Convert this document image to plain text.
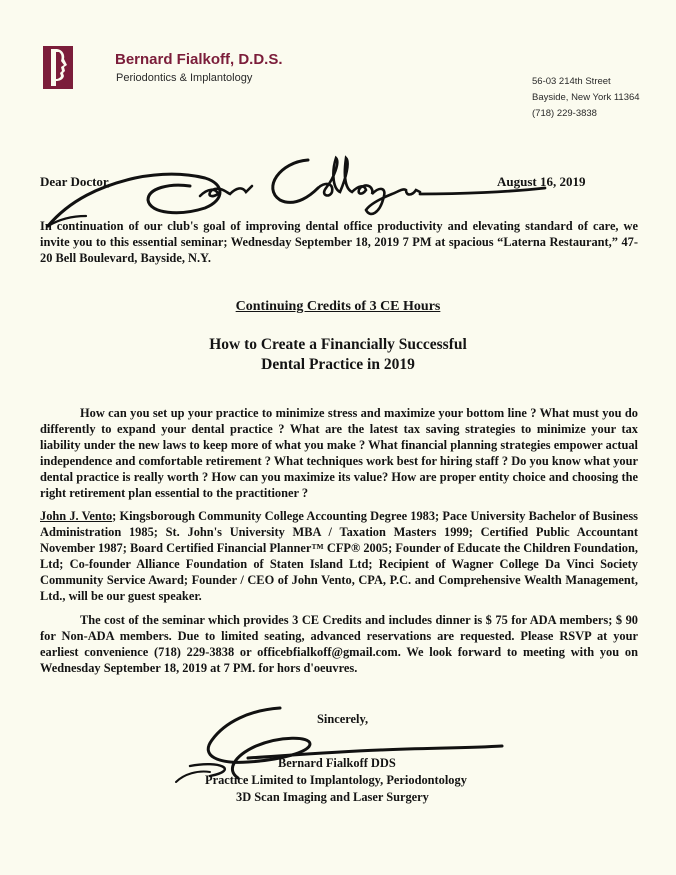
Bernard Fialkoff, D.D.S.
Periodontics & Implantology	56-03 214th Street
Bayside, New York 11364
(718) 229-3838
Dear Doctor,	August 16, 2019
In continuation of our club's goal of improving dental office productivity and elevating standard of care, we invite you to this essential seminar; Wednesday September 18, 2019 7 PM at spacious “Laterna Restaurant,” 47-20 Bell Boulevard, Bayside, N.Y.
Continuing Credits of 3 CE Hours
How to Create a Financially Successful
Dental Practice in 2019
How can you set up your practice to minimize stress and maximize your bottom line ? What must you do differently to expand your dental practice ? What are the latest tax saving strategies to minimize your tax liability under the new laws to keep more of what you make ? What financial planning strategies empower actual independence and comfortable retirement ? What techniques work best for hiring staff ? Do you know what your dental practice is really worth ? How can you maximize its value? How are proper entity choice and choosing the right retirement plan essential to the practitioner ?
John J. Vento; Kingsborough Community College Accounting Degree 1983; Pace University Bachelor of Business Administration 1985; St. John's University MBA / Taxation Masters 1999; Certified Public Accountant November 1987; Board Certified Financial Planner™ CFP® 2005; Founder of Educate the Children Foundation, Ltd; Co-founder Alliance Foundation of Staten Island Ltd; Recipient of Wagner College Da Vinci Society Community Service Award; Founder / CEO of John Vento, CPA, P.C. and Comprehensive Wealth Management, Ltd., will be our guest speaker.
The cost of the seminar which provides 3 CE Credits and includes dinner is $ 75 for ADA members; $ 90 for Non-ADA members. Due to limited seating, advanced reservations are requested. Please RSVP at your earliest convenience (718) 229-3838 or officebfialkoff@gmail.com. We look forward to meeting with you on Wednesday September 18, 2019 at 7 PM. for hors d'oeuvres.
Sincerely,
Bernard Fialkoff DDS
Practice Limited to Implantology, Periodontology
3D Scan Imaging and Laser Surgery
